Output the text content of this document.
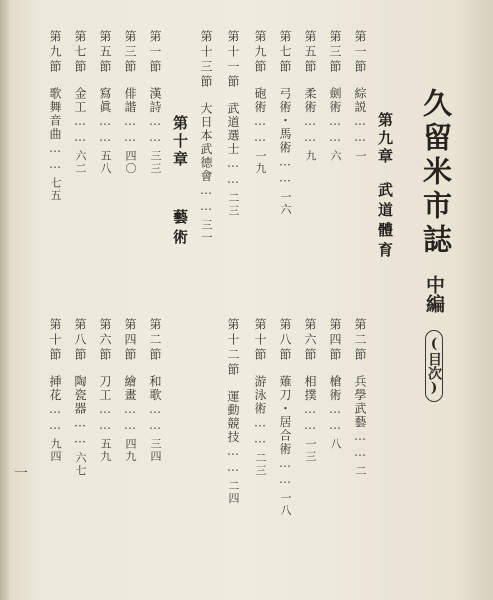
久留米市誌
中編
(目次)
第九章武道體育
第一節綜説……一
第三節劍術……六
第五節柔術……九
第七節弓術・馬術……一六
第九節砲術……一九
第十一節武道選士……二三
第十三節大日本武徳會……三一
第二節兵學武藝……二
第四節槍術……八
第六節相撲……一三
第八節薙刀・居合術……一八
第十節游泳術……二三
第十二節運動競技……二四
第十章藝術
第一節漢詩……三三
第三節俳諧……四〇
第五節寫眞……五八
第七節金工……六二
第九節歌舞音曲……七五
第二節和歌……三四
第四節繪畫……四九
第六節刀工……五九
第八節陶瓷器……六七
第十節挿花……九四
一
